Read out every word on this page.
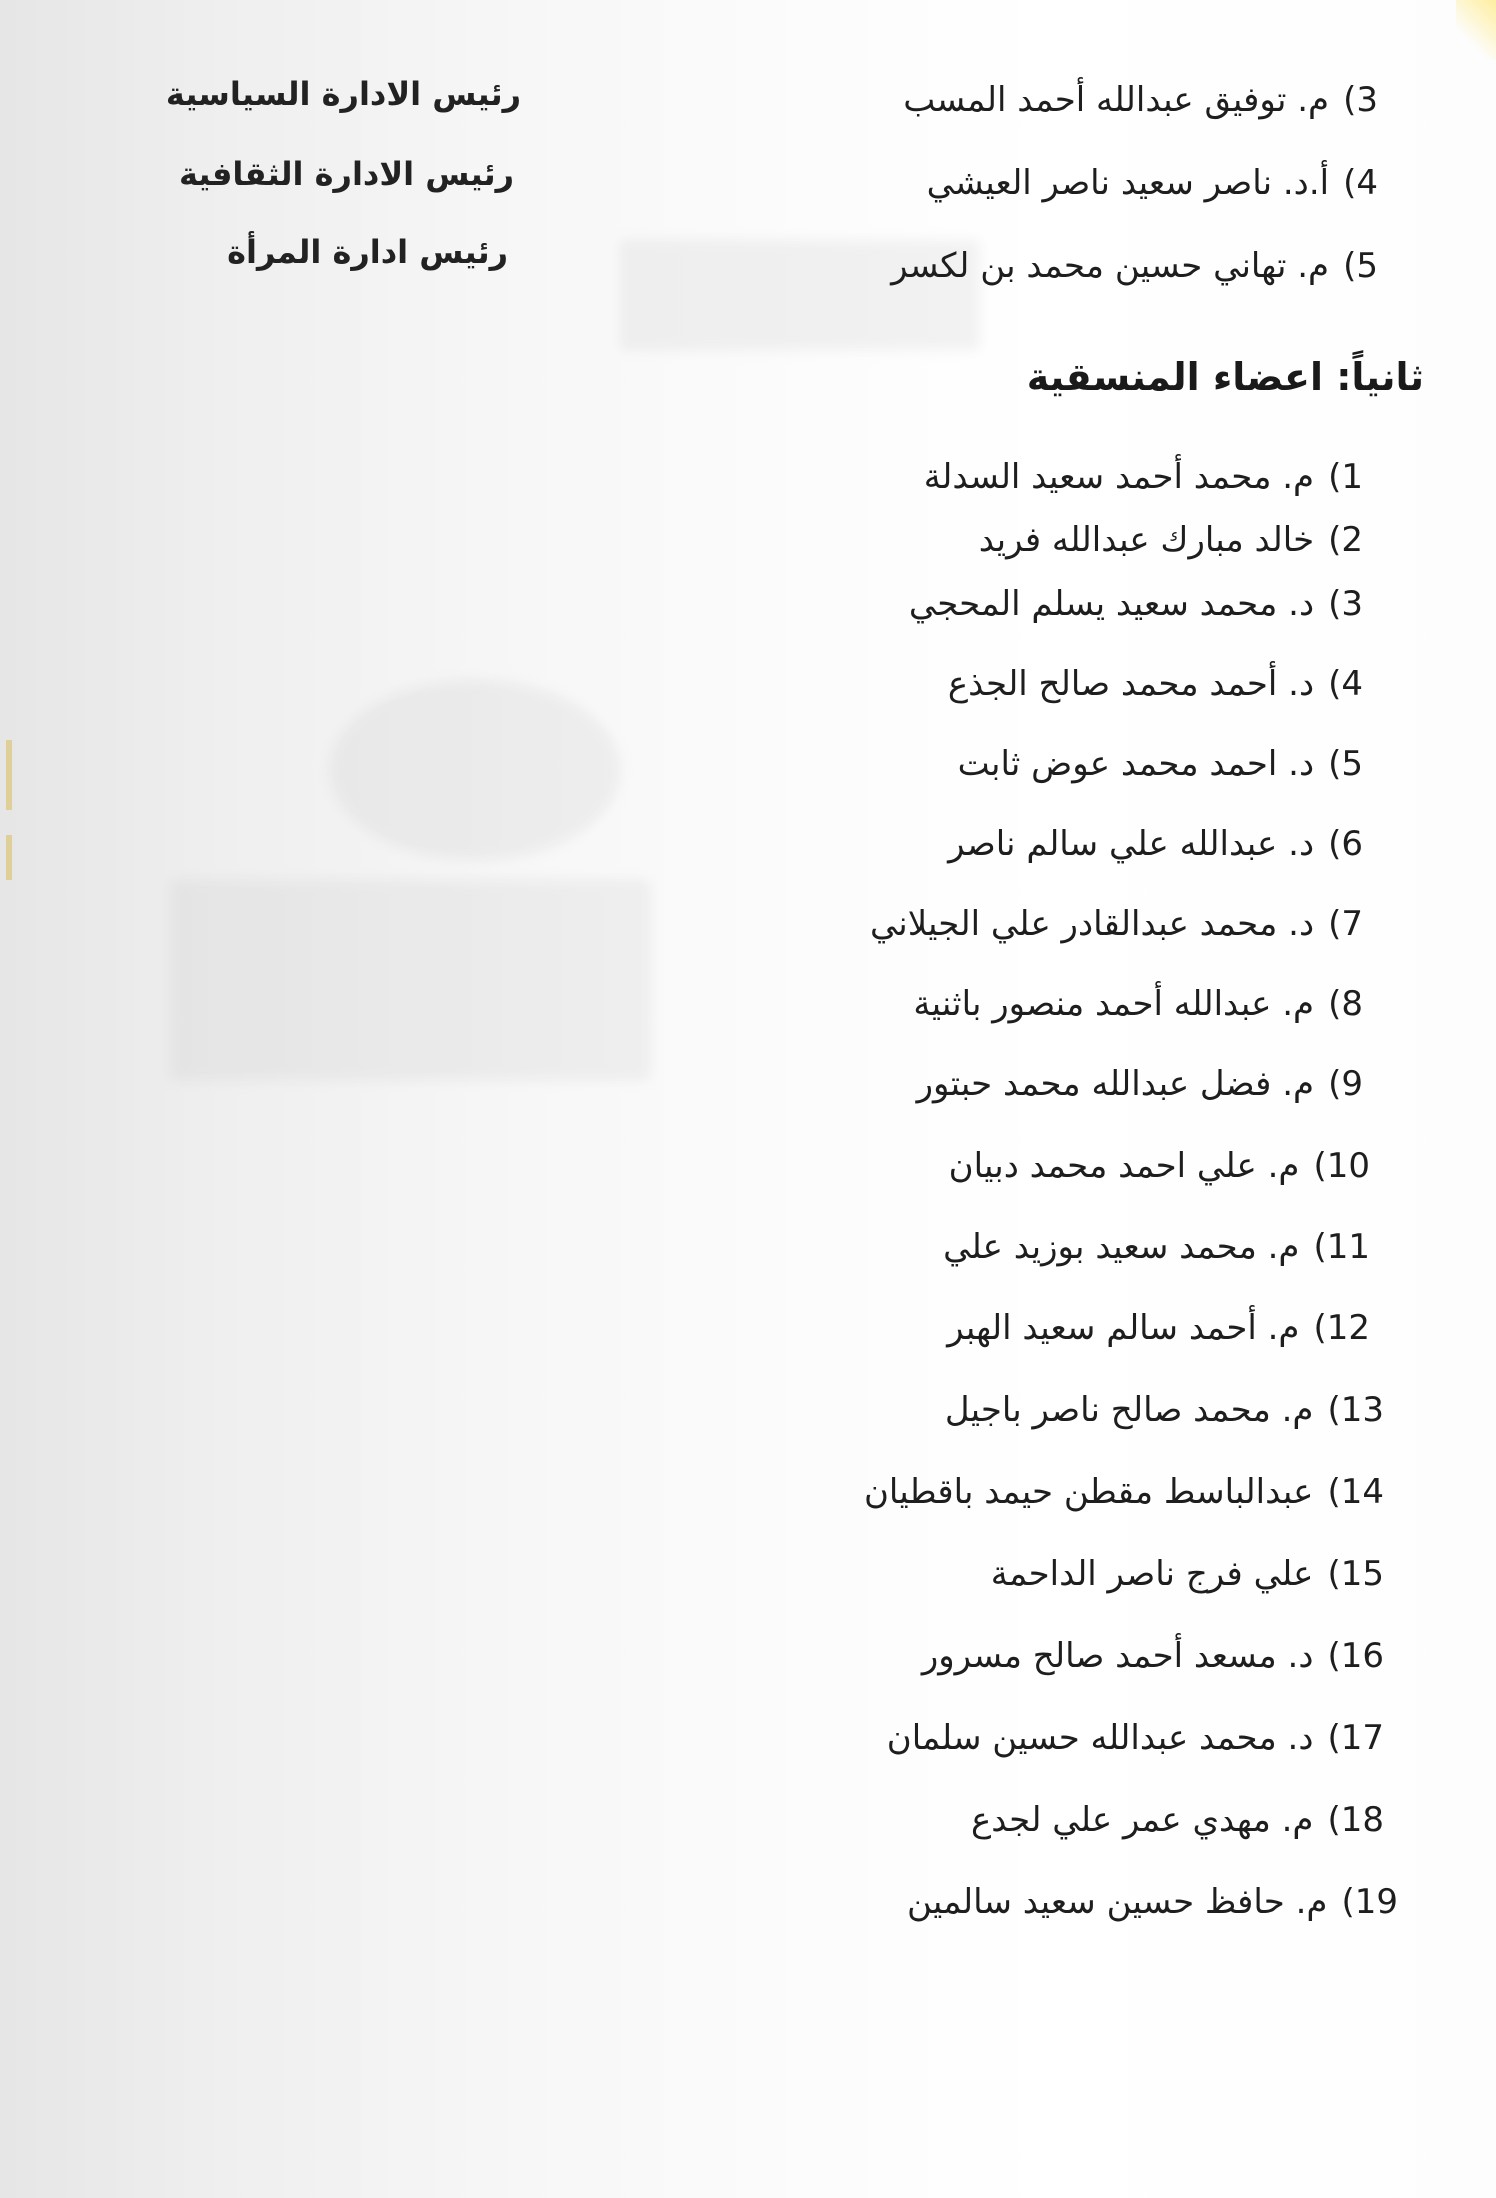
3)م. توفيق عبدالله أحمد المسب
4)أ.د. ناصر سعيد ناصر العيشي
5)م. تهاني حسين محمد بن لكسر
رئيس الادارة السياسية
رئيس الادارة الثقافية
رئيس ادارة المرأة
ثانياً: اعضاء المنسقية
1)م. محمد أحمد سعيد السدلة
2)خالد مبارك عبدالله فريد
3)د. محمد سعيد يسلم المحجي
4)د. أحمد محمد صالح الجذع
5)د. احمد محمد عوض ثابت
6)د. عبدالله علي سالم ناصر
7)د. محمد عبدالقادر علي الجيلاني
8)م. عبدالله أحمد منصور باثنية
9)م. فضل عبدالله محمد حبتور
10)م. علي احمد محمد دبيان
11)م. محمد سعيد بوزيد علي
12)م. أحمد سالم سعيد الهبر
13)م. محمد صالح ناصر باجيل
14)عبدالباسط مقطن حيمد باقطيان
15)علي فرج ناصر الداحمة
16)د. مسعد أحمد صالح مسرور
17)د. محمد عبدالله حسين سلمان
18)م. مهدي عمر علي لجدع
19)م. حافظ حسين سعيد سالمين
